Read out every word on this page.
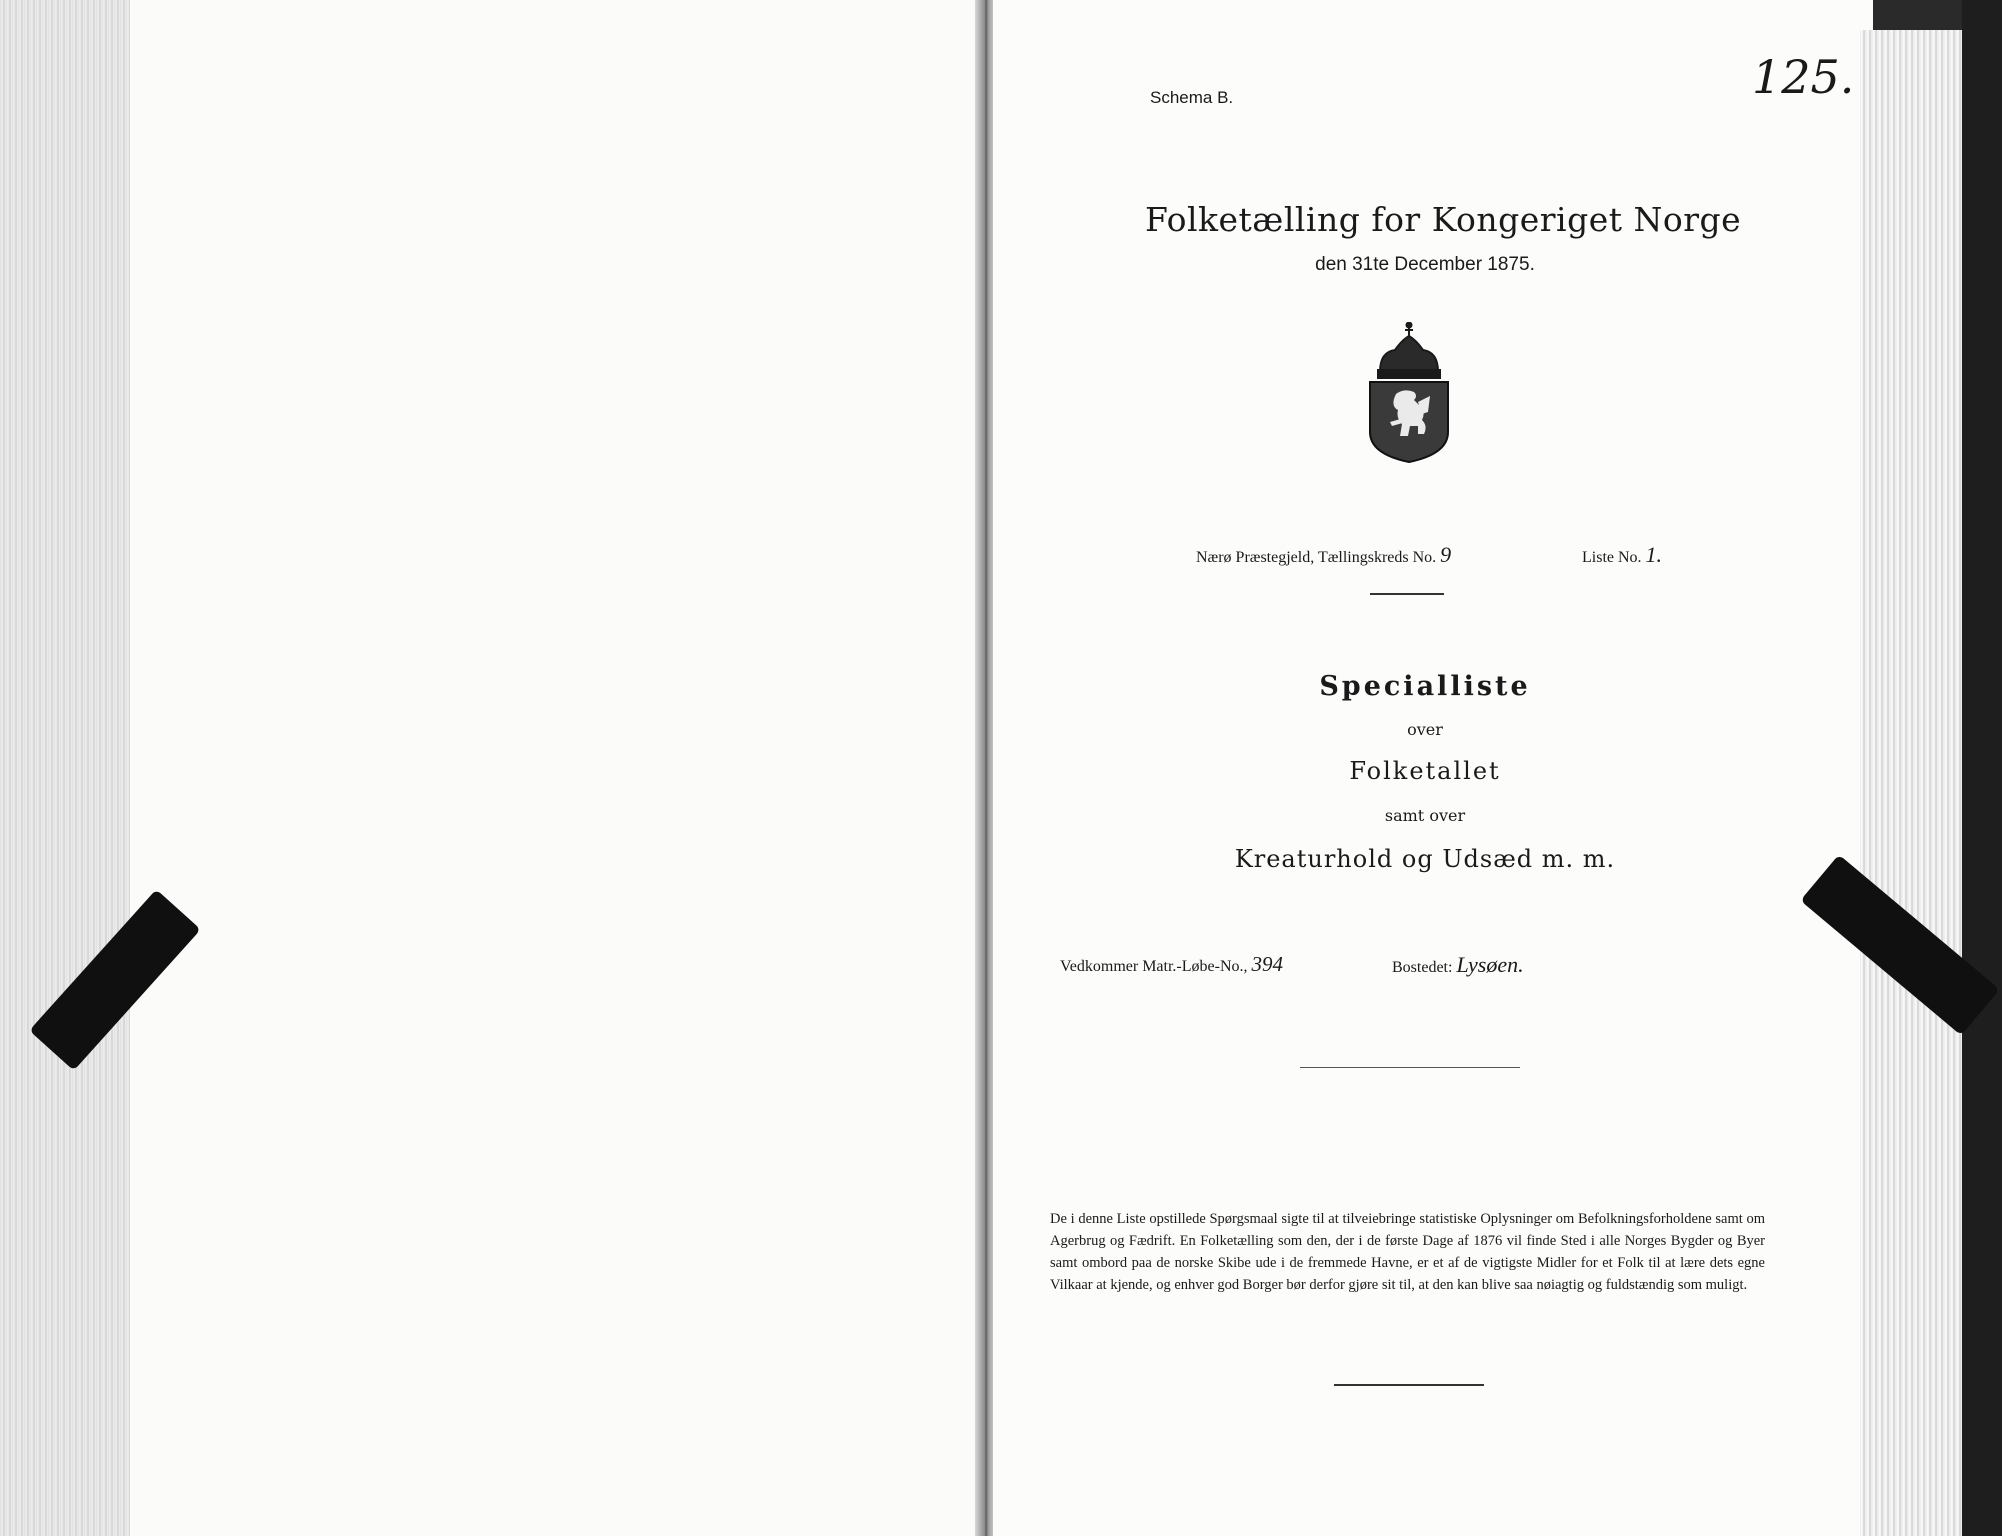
Schema B.	125.
Folketælling for Kongeriget Norge
den 31te December 1875.
Nærø Præstegjeld, Tællingskreds No. 9	Liste No. 1.
Specialliste
over
Folketallet
samt over
Kreaturhold og Udsæd m. m.
Vedkommer Matr.-Løbe-No., 394	Bostedet: Lysøen.

De i denne Liste opstillede Spørgsmaal sigte til at tilveiebringe statistiske Oplysninger om Befolkningsforholdene samt om Agerbrug og Fædrift. En Folketælling som den, der i de første Dage af 1876 vil finde Sted i alle Norges Bygder og Byer samt ombord paa de norske Skibe ude i de fremmede Havne, er et af de vigtigste Midler for et Folk til at lære dets egne Vilkaar at kjende, og enhver god Borger bør derfor gjøre sit til, at den kan blive saa nøiagtig og fuldstændig som muligt.
